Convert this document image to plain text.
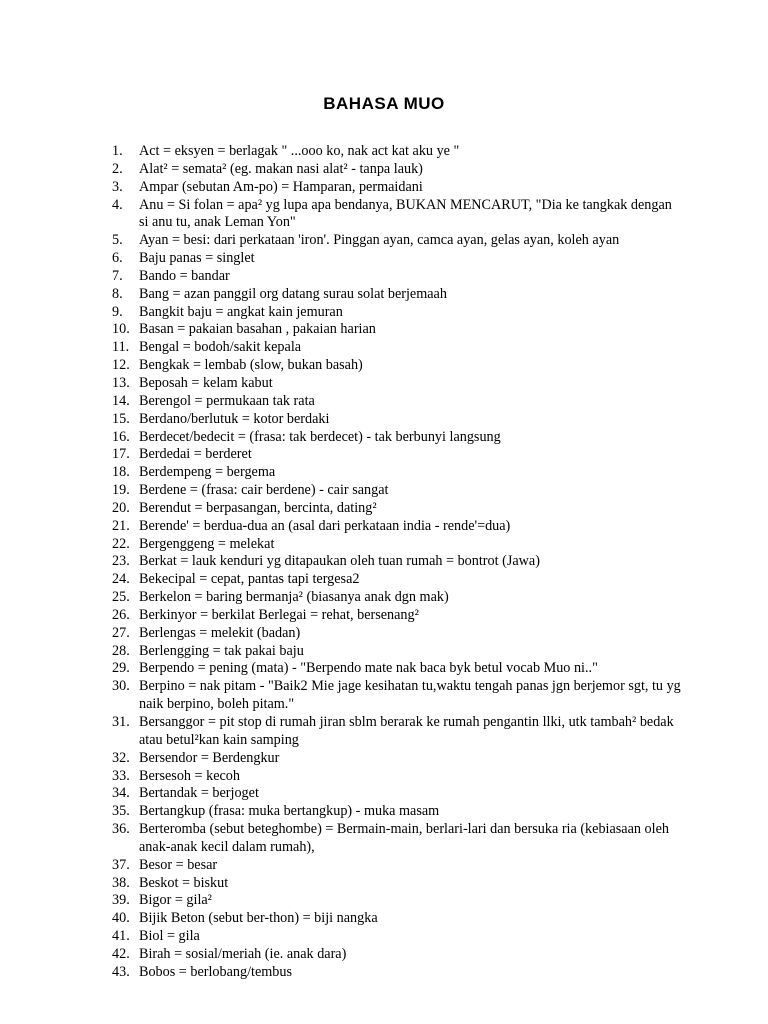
BAHASA MUO
1.	Act = eksyen = berlagak " ...ooo ko, nak act kat aku ye "
2.	Alat² = semata² (eg. makan nasi alat² - tanpa lauk)
3.	Ampar (sebutan Am-po) = Hamparan, permaidani
4.	Anu = Si folan = apa² yg lupa apa bendanya, BUKAN MENCARUT, "Dia ke tangkak dengan si anu tu, anak Leman Yon"
5.	Ayan = besi: dari perkataan 'iron'. Pinggan ayan, camca ayan, gelas ayan, koleh ayan
6.	Baju panas = singlet
7.	Bando = bandar
8.	Bang = azan panggil org datang surau solat berjemaah
9.	Bangkit baju = angkat kain jemuran
10. Basan = pakaian basahan , pakaian harian
11. Bengal = bodoh/sakit kepala
12. Bengkak = lembab (slow, bukan basah)
13. Beposah = kelam kabut
14. Berengol = permukaan tak rata
15. Berdano/berlutuk = kotor berdaki
16. Berdecet/bedecit = (frasa: tak berdecet) - tak berbunyi langsung
17. Berdedai = berderet
18. Berdempeng = bergema
19. Berdene = (frasa: cair berdene) - cair sangat
20. Berendut = berpasangan, bercinta, dating²
21. Berende' = berdua-dua an (asal dari perkataan india - rende'=dua)
22. Bergenggeng = melekat
23. Berkat = lauk kenduri yg ditapaukan oleh tuan rumah = bontrot (Jawa)
24. Bekecipal = cepat, pantas tapi tergesa2
25. Berkelon = baring bermanja² (biasanya anak dgn mak)
26. Berkinyor = berkilat Berlegai = rehat, bersenang²
27. Berlengas = melekit (badan)
28. Berlengging = tak pakai baju
29. Berpendo = pening (mata) - "Berpendo mate nak baca byk betul vocab Muo ni.."
30. Berpino = nak pitam - "Baik2 Mie jage kesihatan tu,waktu tengah panas jgn berjemor sgt, tu yg naik berpino, boleh pitam."
31. Bersanggor = pit stop di rumah jiran sblm berarak ke rumah pengantin llki, utk tambah² bedak atau betul²kan kain samping
32. Bersendor = Berdengkur
33. Bersesoh = kecoh
34. Bertandak = berjoget
35. Bertangkup (frasa: muka bertangkup) - muka masam
36. Berteromba (sebut beteghombe) = Bermain-main, berlari-lari dan bersuka ria (kebiasaan oleh anak-anak kecil dalam rumah),
37. Besor = besar
38. Beskot = biskut
39. Bigor = gila²
40. Bijik Beton (sebut ber-thon) = biji nangka
41. Biol = gila
42. Birah = sosial/meriah (ie. anak dara)
43. Bobos = berlobang/tembus
